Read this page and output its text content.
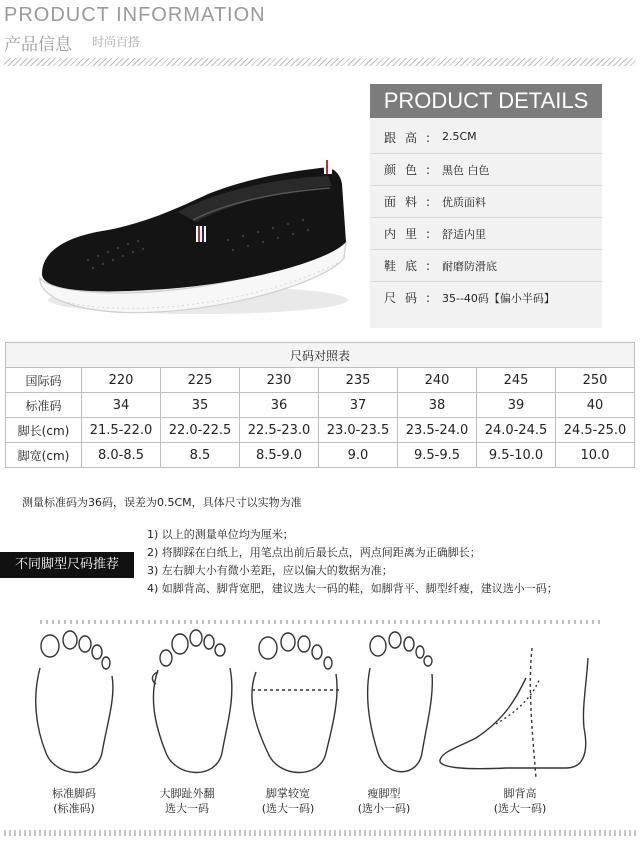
PRODUCT INFORMATION
产品信息 时尚百搭
跟高: 2.5CM
颜色: 黑色 白色
面料: 优质面料
内里: 舒适内里
鞋底: 耐磨防滑底
尺码: 35--40码【偏小半码】
PRODUCT DETAILS
尺码对照表							
国际码	220	225	230	235	240	245	250
标准码	34	35	36	37	38	39	40
脚长(cm)	21.5-22.0	22.0-22.5	22.5-23.0	23.0-23.5	23.5-24.0	24.0-24.5	24.5-25.0
脚宽(cm)	8.0-8.5	8.5	8.5-9.0	9.0	9.5-9.5	9.5-10.0	10.0
测量标准码为36码，误差为0.5CM，具体尺寸以实物为准
不同脚型尺码推荐
1) 以上的测量单位均为厘米；
2) 将脚踩在白纸上，用笔点出前后最长点，两点间距离为正确脚长；
3) 左右脚大小有微小差距，应以偏大的数据为准；
4) 如脚背高、脚背宽肥，建议选大一码的鞋，如脚背平、脚型纤瘦，建议选小一码；
标准脚码
(标准码)
大脚趾外翻
选大一码
脚掌较宽
(选大一码)
瘦脚型
(选小一码)
脚背高
(选大一码)
